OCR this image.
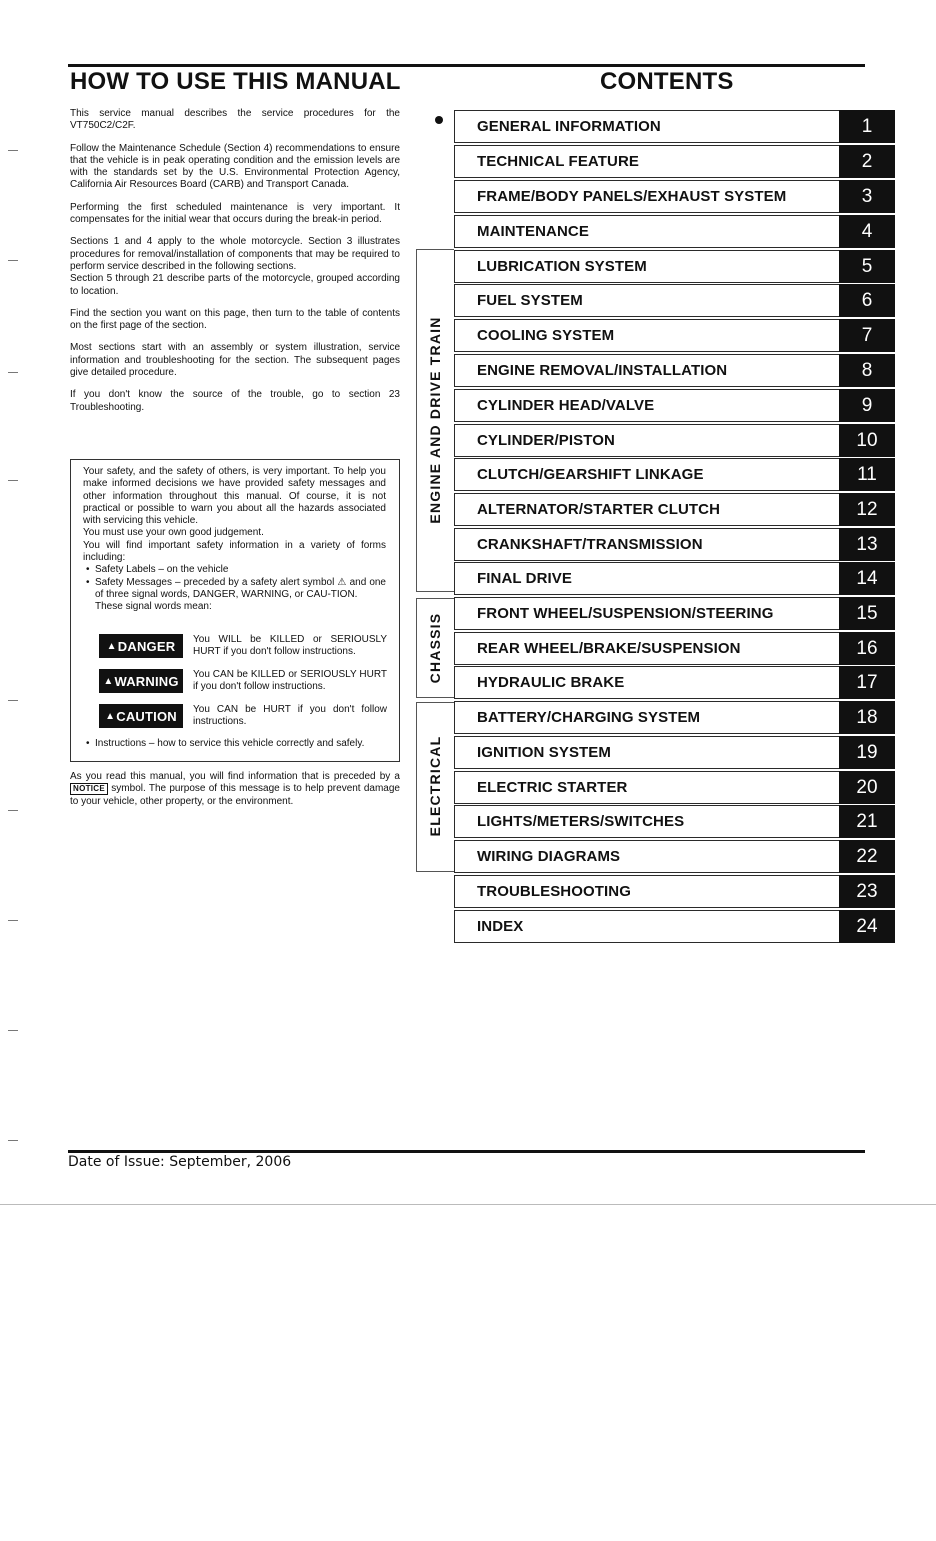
HOW TO USE THIS MANUAL	CONTENTS

This service manual describes the service procedures for the VT750C2/C2F.

Follow the Maintenance Schedule (Section 4) recommendations to ensure that the vehicle is in peak operating condition and the emission levels are with the standards set by the U.S. Environmental Protection Agency, California Air Resources Board (CARB) and Transport Canada.

Performing the first scheduled maintenance is very important. It compensates for the initial wear that occurs during the break-in period.

Sections 1 and 4 apply to the whole motorcycle. Section 3 illustrates procedures for removal/installation of components that may be required to perform service described in the following sections.

Section 5 through 21 describe parts of the motorcycle, grouped according to location.

Find the section you want on this page, then turn to the table of contents on the first page of the section.

Most sections start with an assembly or system illustration, service information and troubleshooting for the section. The subsequent pages give detailed procedure.

If you don't know the source of the trouble, go to section 23 Troubleshooting.

Your safety, and the safety of others, is very important. To help you make informed decisions we have provided safety messages and other information throughout this manual. Of course, it is not practical or possible to warn you about all the hazards associated with servicing this vehicle.

You must use your own good judgement.

You will find important safety information in a variety of forms including:

• Safety Labels – on the vehicle

• Safety Messages – preceded by a safety alert symbol ⚠ and one of three signal words, DANGER, WARNING, or CAU-TION.

These signal words mean:

▲ DANGER You WILL be KILLED or SERIOUSLY HURT if you don't follow instructions.
▲ WARNING You CAN be KILLED or SERIOUSLY HURT if you don't follow instructions.
▲ CAUTION You CAN be HURT if you don't follow instructions.

• Instructions – how to service this vehicle correctly and safely.

As you read this manual, you will find information that is preceded by a NOTICE symbol. The purpose of this message is to help prevent damage to your vehicle, other property, or the environment.
ENGINE AND DRIVE TRAIN
CHASSIS
ELECTRICAL
GENERAL INFORMATION	1
TECHNICAL FEATURE	2
FRAME/BODY PANELS/EXHAUST SYSTEM	3
MAINTENANCE	4
LUBRICATION SYSTEM	5
FUEL SYSTEM	6
COOLING SYSTEM	7
ENGINE REMOVAL/INSTALLATION	8
CYLINDER HEAD/VALVE	9
CYLINDER/PISTON	10
CLUTCH/GEARSHIFT LINKAGE	11
ALTERNATOR/STARTER CLUTCH	12
CRANKSHAFT/TRANSMISSION	13
FINAL DRIVE	14
FRONT WHEEL/SUSPENSION/STEERING	15
REAR WHEEL/BRAKE/SUSPENSION	16
HYDRAULIC BRAKE	17
BATTERY/CHARGING SYSTEM	18
IGNITION SYSTEM	19
ELECTRIC STARTER	20
LIGHTS/METERS/SWITCHES	21
WIRING DIAGRAMS	22
TROUBLESHOOTING	23
INDEX	24
Date of Issue: September, 2006
